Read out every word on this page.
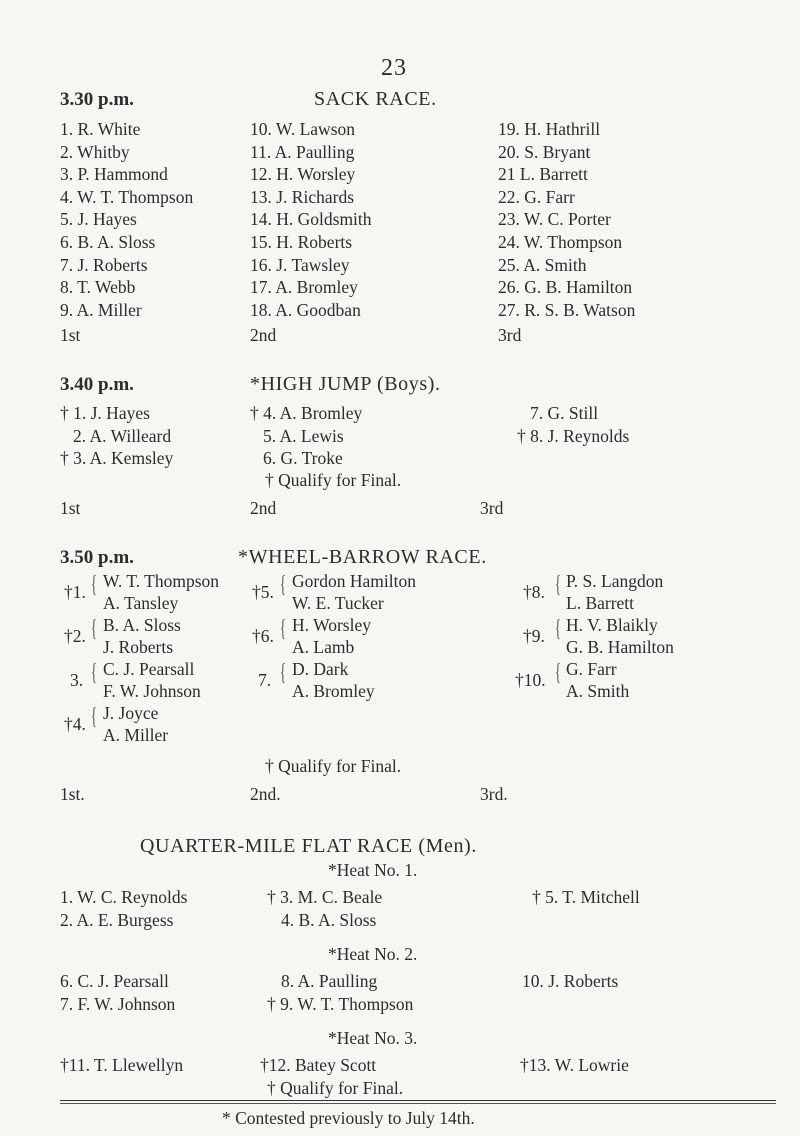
23
3.30 p.m.	SACK RACE.
1. R. White
2. Whitby
3. P. Hammond
4. W. T. Thompson
5. J. Hayes
6. B. A. Sloss
7. J. Roberts
8. T. Webb
9. A. Miller
10. W. Lawson
11. A. Paulling
12. H. Worsley
13. J. Richards
14. H. Goldsmith
15. H. Roberts
16. J. Tawsley
17. A. Bromley
18. A. Goodban
19. H. Hathrill
20. S. Bryant
21 L. Barrett
22. G. Farr
23. W. C. Porter
24. W. Thompson
25. A. Smith
26. G. B. Hamilton
27. R. S. B. Watson
1st	2nd	3rd
3.40 p.m.	*HIGH JUMP (Boys).
† 1. J. Hayes
2. A. Willeard
† 3. A. Kemsley
† 4. A. Bromley
5. A. Lewis
6. G. Troke
7. G. Still
† 8. J. Reynolds
† Qualify for Final.
1st	2nd	3rd
3.50 p.m.	*WHEEL-BARROW RACE.
†1. { W. T. Thompson
A. Tansley
†2. { B. A. Sloss
J. Roberts
3. { C. J. Pearsall
F. W. Johnson
†4. { J. Joyce
A. Miller
†5. { Gordon Hamilton
W. E. Tucker
†6. { H. Worsley
A. Lamb
7. { D. Dark
A. Bromley
†8. { P. S. Langdon
L. Barrett
†9. { H. V. Blaikly
G. B. Hamilton
†10. { G. Farr
A. Smith
† Qualify for Final.
1st.	2nd.	3rd.
QUARTER-MILE FLAT RACE (Men).
*Heat No. 1.
1. W. C. Reynolds	† 3. M. C. Beale	† 5. T. Mitchell
2. A. E. Burgess	4. B. A. Sloss
*Heat No. 2.
6. C. J. Pearsall	8. A. Paulling	10. J. Roberts
7. F. W. Johnson	† 9. W. T. Thompson
*Heat No. 3.
†11. T. Llewellyn	†12. Batey Scott	†13. W. Lowrie
† Qualify for Final.
* Contested previously to July 14th.
